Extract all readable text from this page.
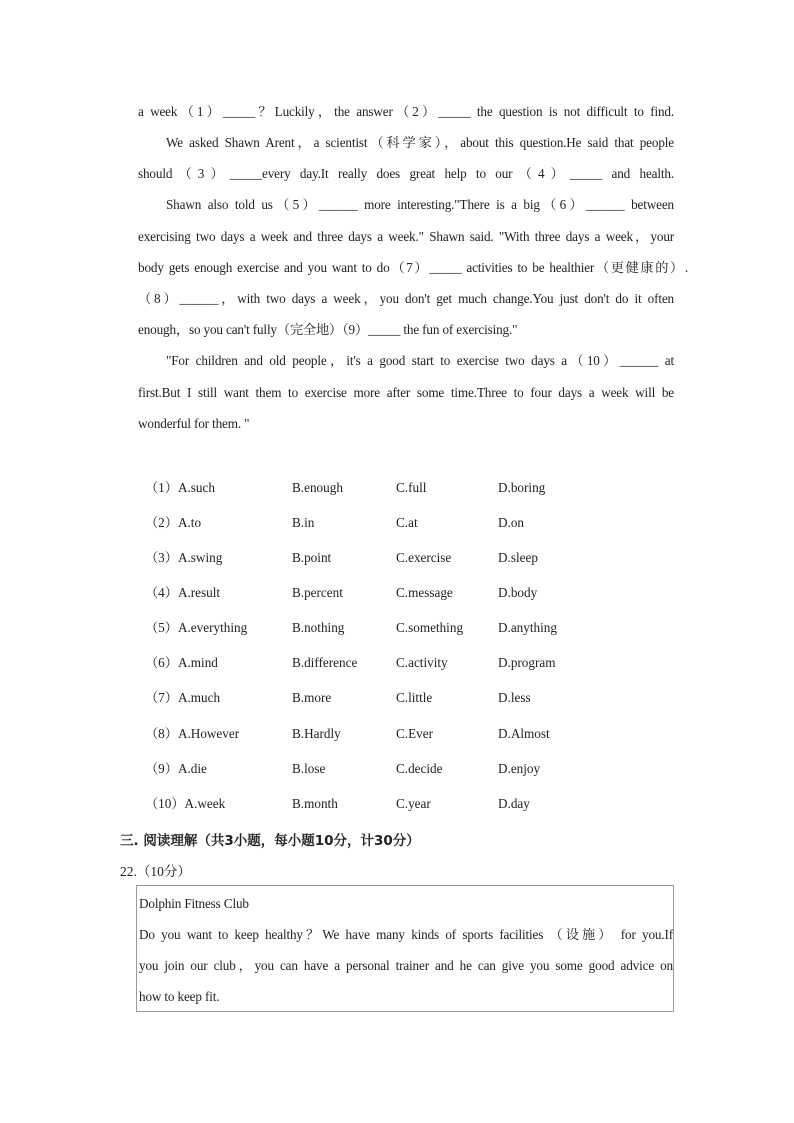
a week（1）_____？Luckily，the answer（2）_____ the question is not difficult to find.
We asked Shawn Arent，a scientist（科学家），about this question.He said that people
should（3）_____every day.It really does great help to our（4）_____ and health.
Shawn also told us（5）______ more interesting."There is a big（6）______ between
exercising two days a week and three days a week." Shawn said. "With three days a week，your
body gets enough exercise and you want to do（7）_____ activities to be healthier（更健康的）.
（8）______，with two days a week，you don't get much change.You just don't do it often
enough，so you can't fully（完全地）（9）_____ the fun of exercising."
"For children and old people，it's a good start to exercise two days a（10）______ at
first.But I still want them to exercise more after some time.Three to four days a week will be
wonderful for them. "
（1）A.such	B.enough	C.full	D.boring
（2）A.to	B.in	C.at	D.on
（3）A.swing	B.point	C.exercise	D.sleep
（4）A.result	B.percent	C.message	D.body
（5）A.everything	B.nothing	C.something	D.anything
（6）A.mind	B.difference	C.activity	D.program
（7）A.much	B.more	C.little	D.less
（8）A.However	B.Hardly	C.Ever	D.Almost
（9）A.die	B.lose	C.decide	D.enjoy
（10）A.week	B.month	C.year	D.day
三. 阅读理解（共3小题，每小题10分，计30分）
22.（10分）
Dolphin Fitness Club
Do you want to keep healthy？We have many kinds of sports facilities （设施） for you.If
you join our club，you can have a personal trainer and he can give you some good advice on
how to keep fit.
